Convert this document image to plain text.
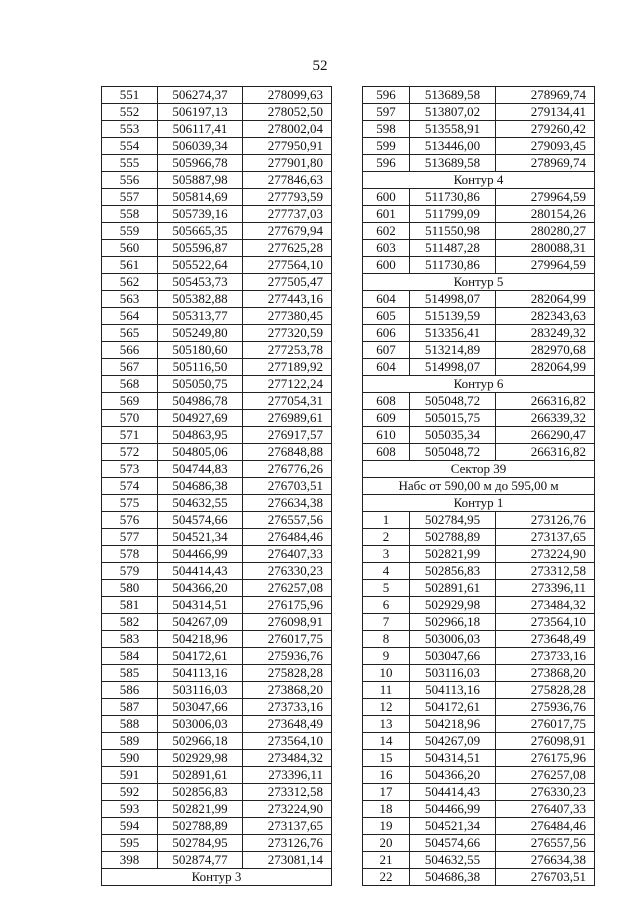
52
551	506274,37	278099,63
552	506197,13	278052,50
553	506117,41	278002,04
554	506039,34	277950,91
555	505966,78	277901,80
556	505887,98	277846,63
557	505814,69	277793,59
558	505739,16	277737,03
559	505665,35	277679,94
560	505596,87	277625,28
561	505522,64	277564,10
562	505453,73	277505,47
563	505382,88	277443,16
564	505313,77	277380,45
565	505249,80	277320,59
566	505180,60	277253,78
567	505116,50	277189,92
568	505050,75	277122,24
569	504986,78	277054,31
570	504927,69	276989,61
571	504863,95	276917,57
572	504805,06	276848,88
573	504744,83	276776,26
574	504686,38	276703,51
575	504632,55	276634,38
576	504574,66	276557,56
577	504521,34	276484,46
578	504466,99	276407,33
579	504414,43	276330,23
580	504366,20	276257,08
581	504314,51	276175,96
582	504267,09	276098,91
583	504218,96	276017,75
584	504172,61	275936,76
585	504113,16	275828,28
586	503116,03	273868,20
587	503047,66	273733,16
588	503006,03	273648,49
589	502966,18	273564,10
590	502929,98	273484,32
591	502891,61	273396,11
592	502856,83	273312,58
593	502821,99	273224,90
594	502788,89	273137,65
595	502784,95	273126,76
398	502874,77	273081,14
Контур 3		
596	513689,58	278969,74
597	513807,02	279134,41
598	513558,91	279260,42
599	513446,00	279093,45
596	513689,58	278969,74
Контур 4		
600	511730,86	279964,59
601	511799,09	280154,26
602	511550,98	280280,27
603	511487,28	280088,31
600	511730,86	279964,59
Контур 5		
604	514998,07	282064,99
605	515139,59	282343,63
606	513356,41	283249,32
607	513214,89	282970,68
604	514998,07	282064,99
Контур 6		
608	505048,72	266316,82
609	505015,75	266339,32
610	505035,34	266290,47
608	505048,72	266316,82
Сектор 39		
Набс от 590,00 м до 595,00 м		
Контур 1		
1	502784,95	273126,76
2	502788,89	273137,65
3	502821,99	273224,90
4	502856,83	273312,58
5	502891,61	273396,11
6	502929,98	273484,32
7	502966,18	273564,10
8	503006,03	273648,49
9	503047,66	273733,16
10	503116,03	273868,20
11	504113,16	275828,28
12	504172,61	275936,76
13	504218,96	276017,75
14	504267,09	276098,91
15	504314,51	276175,96
16	504366,20	276257,08
17	504414,43	276330,23
18	504466,99	276407,33
19	504521,34	276484,46
20	504574,66	276557,56
21	504632,55	276634,38
22	504686,38	276703,51
